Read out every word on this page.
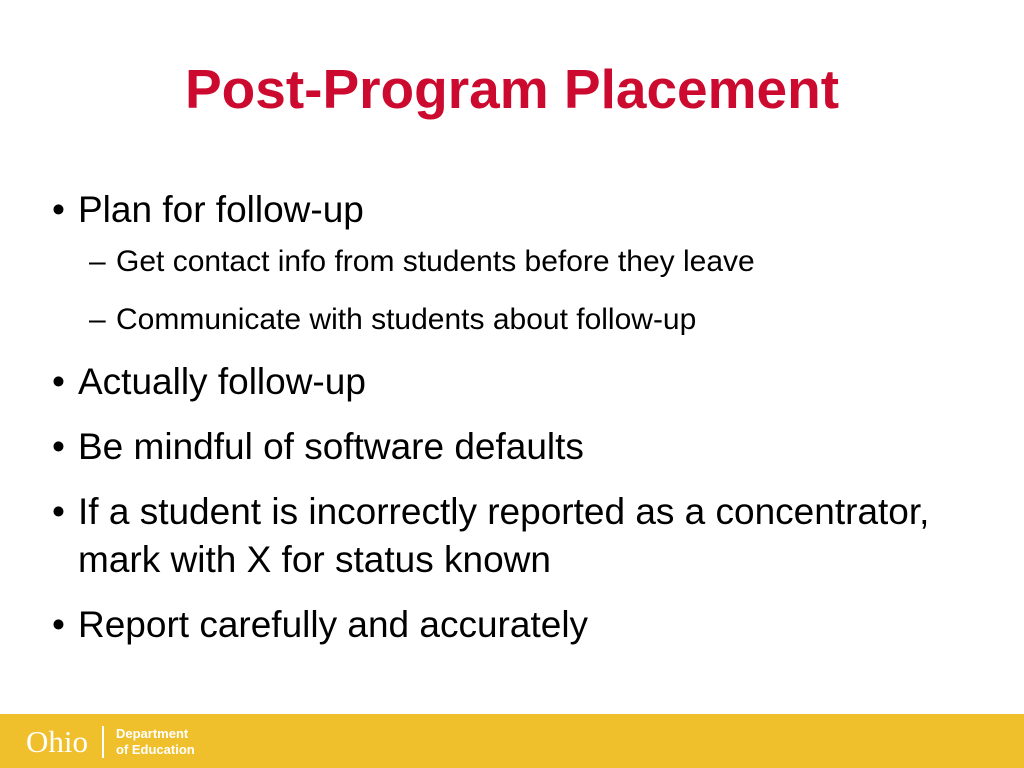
Post-Program Placement
• Plan for follow-up
– Get contact info from students before they leave
– Communicate with students about follow-up
• Actually follow-up
• Be mindful of software defaults
• If a student is incorrectly reported as a concentrator, mark with X for status known
• Report carefully and accurately
Ohio Department
of Education
